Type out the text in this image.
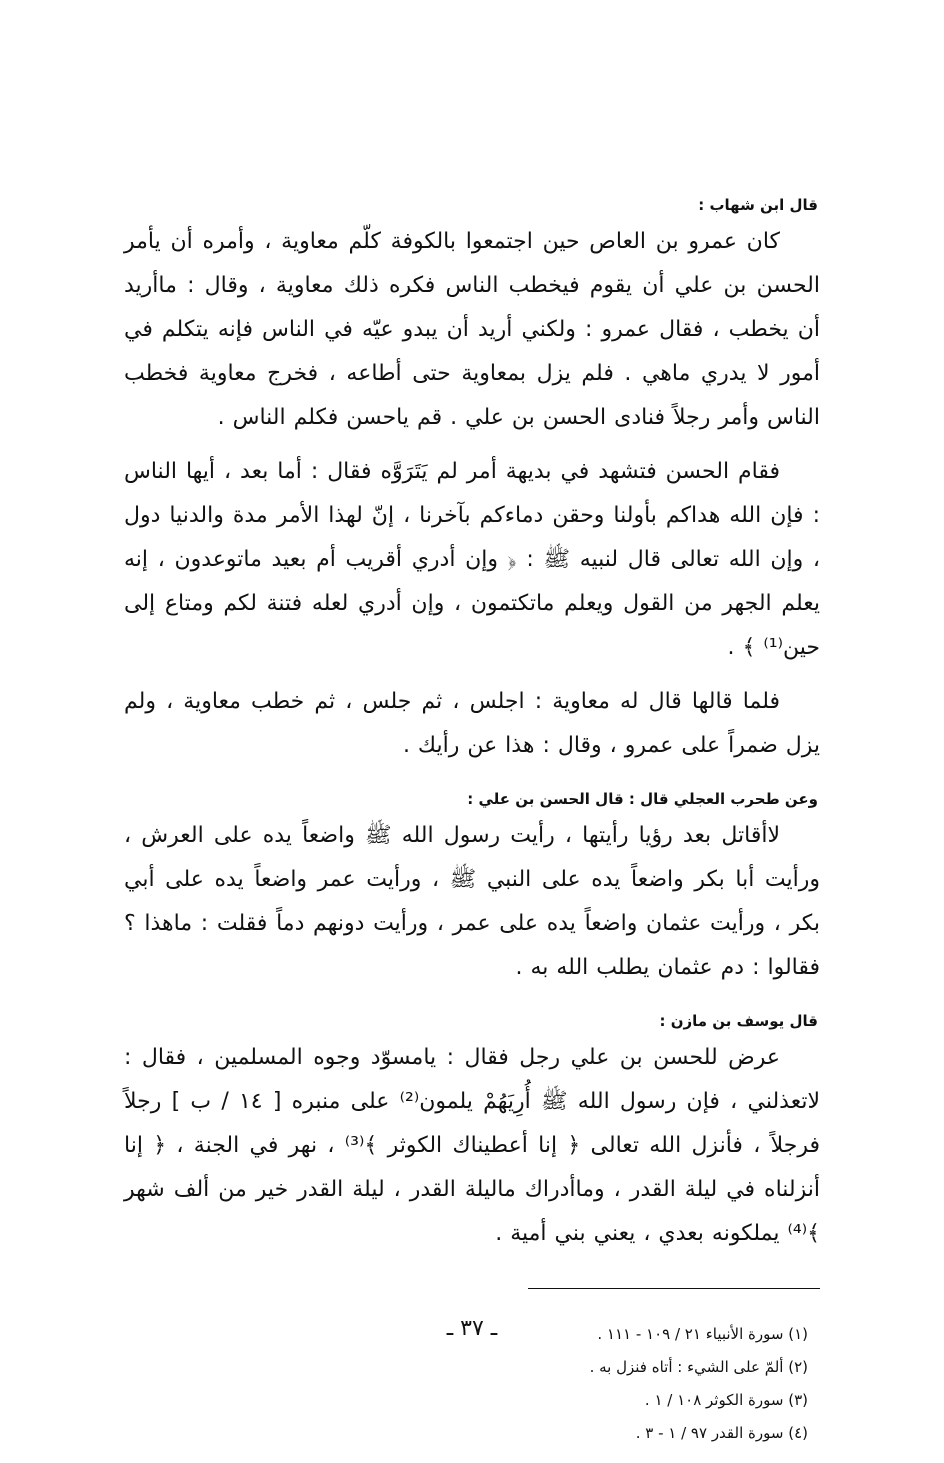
قال ابن شهاب :

كان عمرو بن العاص حين اجتمعوا بالكوفة كلّم معاوية ، وأمره أن يأمر الحسن بن علي أن يقوم فيخطب الناس فكره ذلك معاوية ، وقال : ماأريد أن يخطب ، فقال عمرو : ولكني أريد أن يبدو عيّه في الناس فإنه يتكلم في أمور لا يدري ماهي . فلم يزل بمعاوية حتى أطاعه ، فخرج معاوية فخطب الناس وأمر رجلاً فنادى الحسن بن علي . قم ياحسن فكلم الناس .

فقام الحسن فتشهد في بديهة أمر لم يَتَرَوَّه فقال : أما بعد ، أيها الناس : فإن الله هداكم بأولنا وحقن دماءكم بآخرنا ، إنّ لهذا الأمر مدة والدنيا دول ، وإن الله تعالى قال لنبيه ﷺ : ﴿ وإن أدري أقريب أم بعيد ماتوعدون ، إنه يعلم الجهر من القول ويعلم ماتكتمون ، وإن أدري لعله فتنة لكم ومتاع إلى حين⁽¹⁾ ﴾ .

فلما قالها قال له معاوية : اجلس ، ثم جلس ، ثم خطب معاوية ، ولم يزل ضمراً على عمرو ، وقال : هذا عن رأيك .

وعن طحرب العجلي قال : قال الحسن بن علي :

لاأقاتل بعد رؤيا رأيتها ، رأيت رسول الله ﷺ واضعاً يده على العرش ، ورأيت أبا بكر واضعاً يده على النبي ﷺ ، ورأيت عمر واضعاً يده على أبي بكر ، ورأيت عثمان واضعاً يده على عمر ، ورأيت دونهم دماً فقلت : ماهذا ؟ فقالوا : دم عثمان يطلب الله به .

قال يوسف بن مازن :

عرض للحسن بن علي رجل فقال : يامسوّد وجوه المسلمين ، فقال : لاتعذلني ، فإن رسول الله ﷺ أُرِيَهُمْ يلمون⁽²⁾ على منبره [ ١٤ / ب ] رجلاً فرجلاً ، فأنزل الله تعالى ﴿ إنا أعطيناك الكوثر ﴾⁽³⁾ ، نهر في الجنة ، ﴿ إنا أنزلناه في ليلة القدر ، وماأدراك ماليلة القدر ، ليلة القدر خير من ألف شهر ﴾⁽⁴⁾ يملكونه بعدي ، يعني بني أمية .

(١) سورة الأنبياء ٢١ / ١٠٩ - ١١١ .

(٢) ألمّ على الشيء : أتاه فنزل به .

(٣) سورة الكوثر ١٠٨ / ١ .

(٤) سورة القدر ٩٧ / ١ - ٣ .

ـ ٣٧ ـ
